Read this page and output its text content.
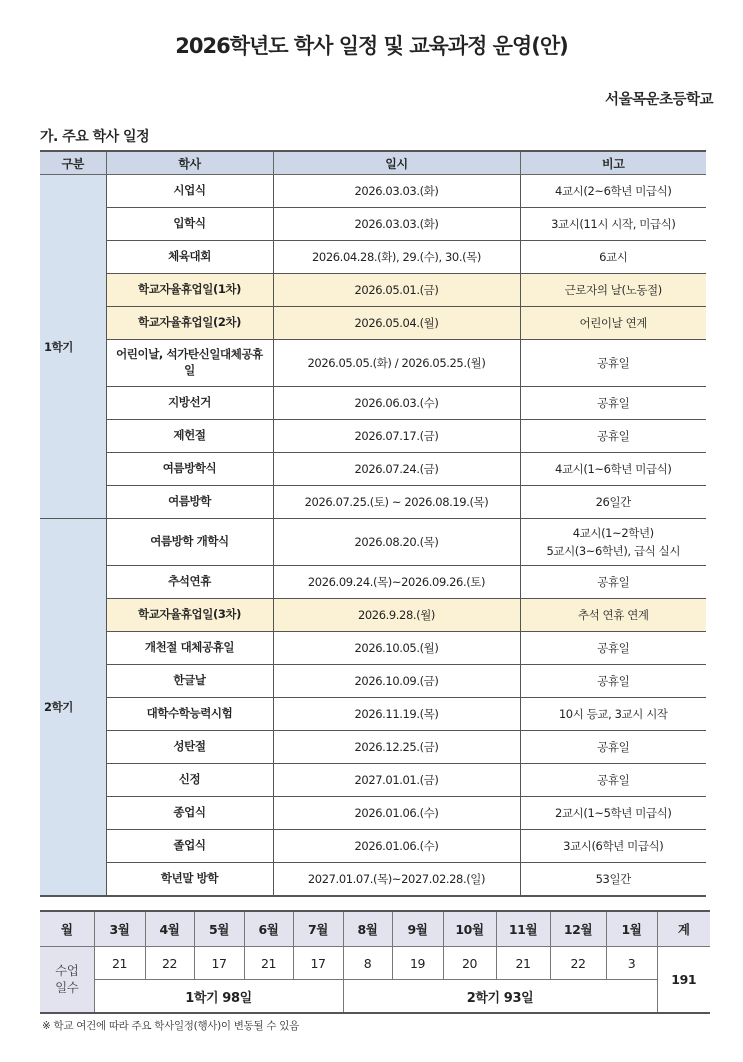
2026학년도 학사 일정 및 교육과정 운영(안)
서울목운초등학교
가. 주요 학사 일정
구분	학사	일시	비고
1학기	시업식	2026.03.03.(화)	4교시(2~6학년 미급식)
	입학식	2026.03.03.(화)	3교시(11시 시작, 미급식)
	체육대회	2026.04.28.(화), 29.(수), 30.(목)	6교시
	학교자율휴업일(1차)	2026.05.01.(금)	근로자의 날(노동절)
	학교자율휴업일(2차)	2026.05.04.(월)	어린이날 연계
	어린이날, 석가탄신일대체공휴일	2026.05.05.(화) / 2026.05.25.(월)	공휴일
	지방선거	2026.06.03.(수)	공휴일
	제헌절	2026.07.17.(금)	공휴일
	여름방학식	2026.07.24.(금)	4교시(1~6학년 미급식)
	여름방학	2026.07.25.(토) ~ 2026.08.19.(목)	26일간
2학기	여름방학 개학식	2026.08.20.(목)	4교시(1~2학년)
5교시(3~6학년), 급식 실시

	추석연휴	2026.09.24.(목)~2026.09.26.(토)	공휴일
	학교자율휴업일(3차)	2026.9.28.(월)	추석 연휴 연계
	개천절 대체공휴일	2026.10.05.(월)	공휴일
	한글날	2026.10.09.(금)	공휴일
	대학수학능력시험	2026.11.19.(목)	10시 등교, 3교시 시작
	성탄절	2026.12.25.(금)	공휴일
	신정	2027.01.01.(금)	공휴일
	종업식	2026.01.06.(수)	2교시(1~5학년 미급식)
	졸업식	2026.01.06.(수)	3교시(6학년 미급식)
	학년말 방학	2027.01.07.(목)~2027.02.28.(일)	53일간
월	3월	4월	5월	6월	7월	8월	9월	10월	11월	12월	1월	계
수업
일수	21	22	17	21	17	8	19	20	21	22	3	191
	1학기 98일					2학기 93일						
※ 학교 여건에 따라 주요 학사일정(행사)이 변동될 수 있음
